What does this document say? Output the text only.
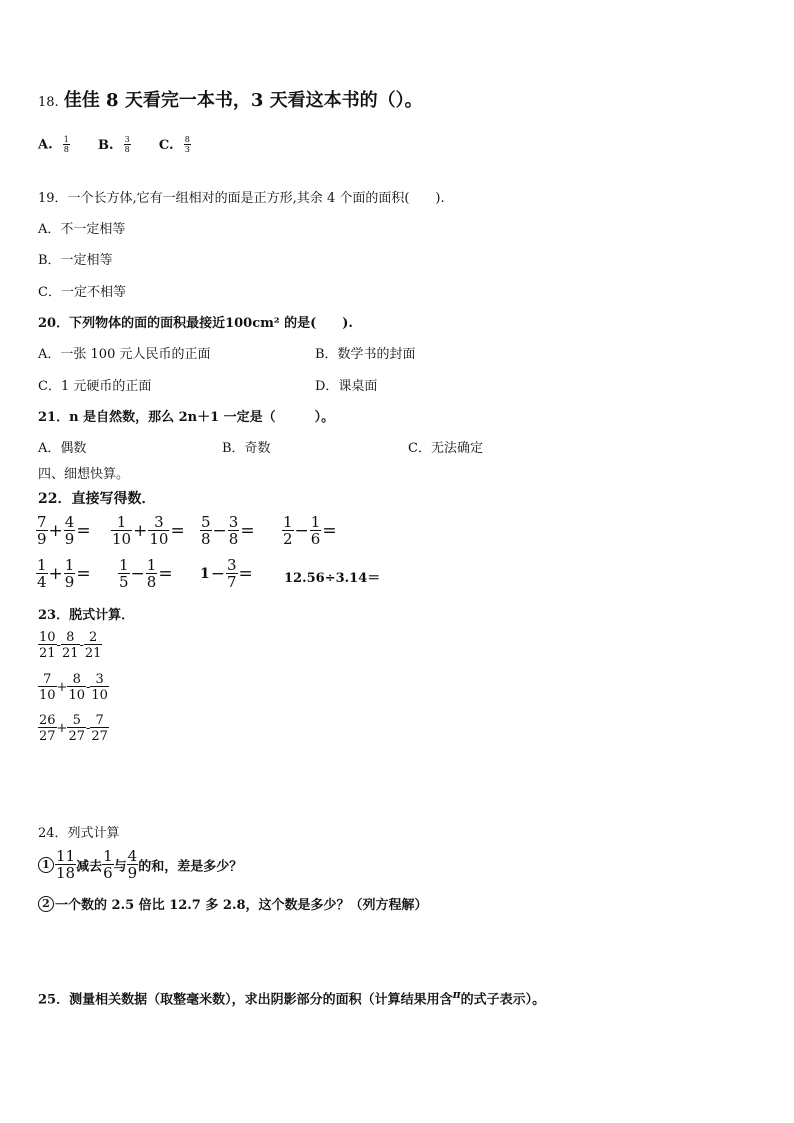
18. 佳佳 8 天看完一本书，3 天看这本书的（）。
A. $\frac{1}{8} B$. $\frac{3}{8} C$. $\frac{8}{3}$
19．一个长方体,它有一组相对的面是正方形,其余 4 个面的面积(　　).
A．不一定相等
B．一定相等
C．一定不相等
20．下列物体的面的面积最接近100cm² 的是(　　).
A．一张 100 元人民币的正面	B．数学书的封面
C．1 元硬币的正面	D．课桌面
21．n 是自然数，那么 2n＋1 一定是（　　　）。
A．偶数	B．奇数	C．无法确定
四、细想快算。
22．直接写得数．
$\frac{7}{9} + \frac{4}{9} = \frac{1}{10} + \frac{3}{10} = \frac{5}{8} - \frac{3}{8} = \frac{1}{2} - \frac{1}{6}$ =
$\frac{1}{4} + \frac{1}{9} = \frac{1}{5} - \frac{1}{8} = 1- \frac{3}{7} = 12.56\div 3.14=$
23．脱式计算．
$\frac{10}{21} - \frac{8}{21} - \frac{2}{21}$
$\frac{7}{10} + \frac{8}{10} - \frac{3}{10}$
$\frac{26}{27} + \frac{5}{27} - \frac{7}{27}$
24．列式计算
$1 \frac{11}{18}$ 减去 $\frac{1}{6}$ 与 $\frac{4}{9}$ 的和，差是多少？
2 一个数的 2.5 倍比 12.7 多 2.8，这个数是多少？（列方程解）
25．测量相关数据（取整毫米数），求出阴影部分的面积（计算结果用含$^\pi$的式子表示）。
